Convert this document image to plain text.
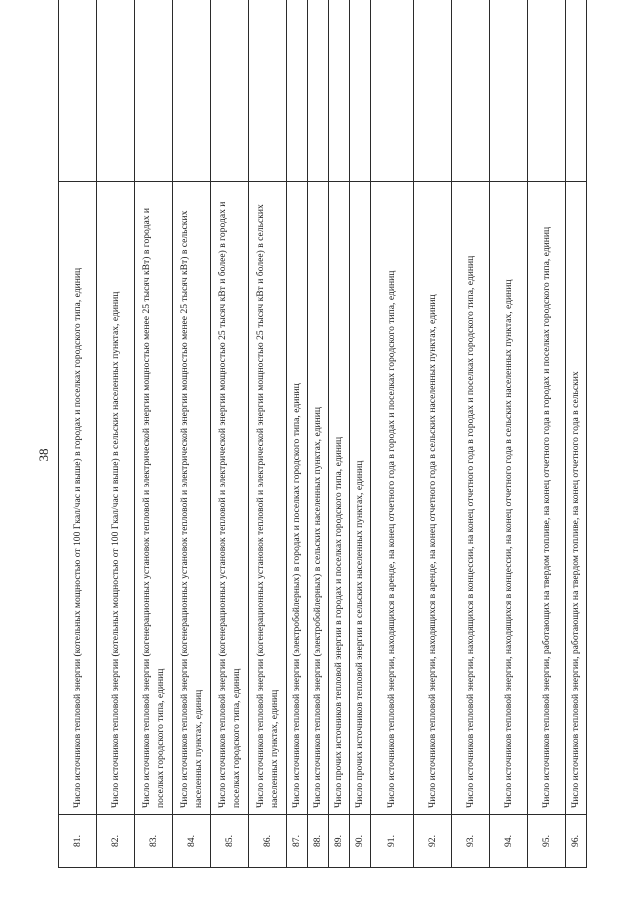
38
81.	Число источников тепловой энергии (котельных мощностью от 100 Гкал/час и выше) в городах и поселках городского типа, единиц	
82.	Число источников тепловой энергии (котельных мощностью от 100 Гкал/час и выше) в сельских населенных пунктах, единиц	
83.	Число источников тепловой энергии (когенерационных установок тепловой и электрической энергии мощностью менее 25 тысяч кВт) в городах и поселках городского типа, единиц	
84.	Число источников тепловой энергии (когенерационных установок тепловой и электрической энергии мощностью менее 25 тысяч кВт) в сельских населенных пунктах, единиц	
85.	Число источников тепловой энергии (когенерационных установок тепловой и электрической энергии мощностью 25 тысяч кВт и более) в городах и поселках городского типа, единиц	
86.	Число источников тепловой энергии (когенерационных установок тепловой и электрической энергии мощностью 25 тысяч кВт и более) в сельских населенных пунктах, единиц	
87.	Число источников тепловой энергии (электробойлерных) в городах и поселках городского типа, единиц	
88.	Число источников тепловой энергии (электробойлерных) в сельских населенных пунктах, единиц	
89.	Число прочих источников тепловой энергии в городах и поселках городского типа, единиц	
90.	Число прочих источников тепловой энергии в сельских населенных пунктах, единиц	
91.	Число источников тепловой энергии, находящихся в аренде, на конец отчетного года в городах и поселках городского типа, единиц	
92.	Число источников тепловой энергии, находящихся в аренде, на конец отчетного года в сельских населенных пунктах, единиц	
93.	Число источников тепловой энергии, находящихся в концессии, на конец отчетного года в городах и поселках городского типа, единиц	
94.	Число источников тепловой энергии, находящихся в концессии, на конец отчетного года в сельских населенных пунктах, единиц	
95.	Число источников тепловой энергии, работающих на твердом топливе, на конец отчетного года в городах и поселках городского типа, единиц	
96.	Число источников тепловой энергии, работающих на твердом топливе, на конец отчетного года в сельских	
